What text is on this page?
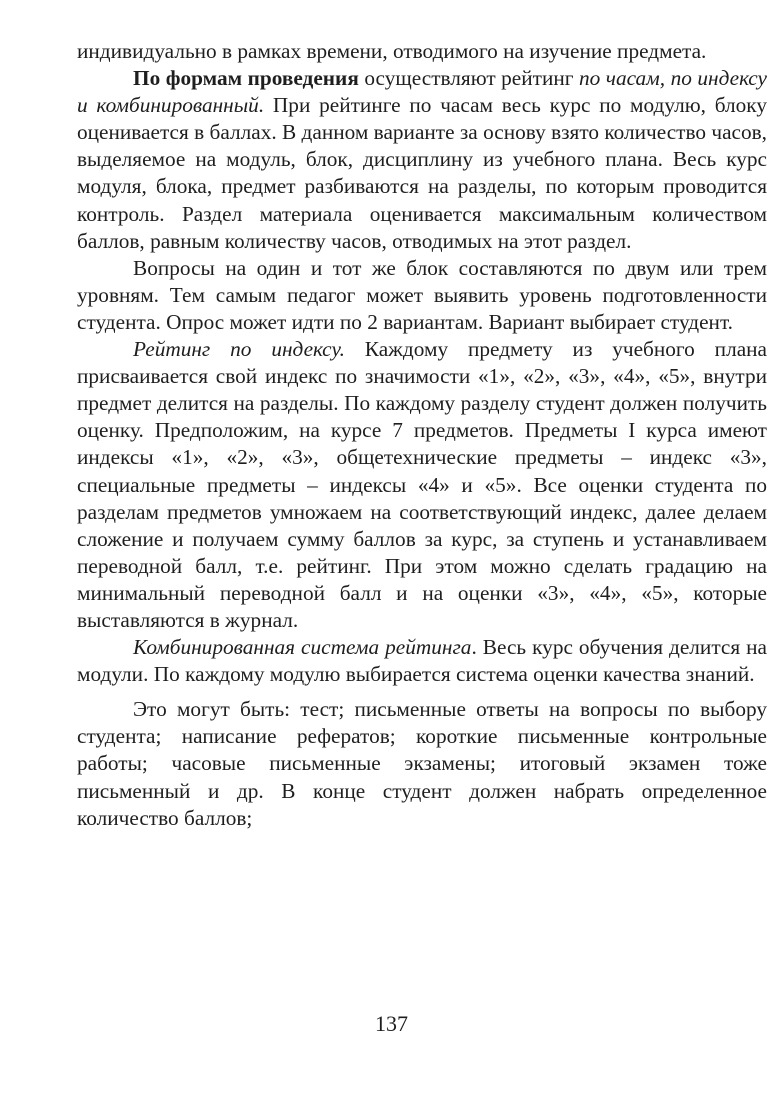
индивидуально в рамках времени, отводимого на изучение предмета.

По формам проведения осуществляют рейтинг по часам, по индексу и комбинированный. При рейтинге по часам весь курс по модулю, блоку оценивается в баллах. В данном варианте за основу взято количество часов, выделяемое на модуль, блок, дисциплину из учебного плана. Весь курс модуля, блока, предмет разбиваются на разделы, по которым проводится контроль. Раздел материала оценивается максимальным количеством баллов, равным количеству часов, отводимых на этот раздел.

Вопросы на один и тот же блок составляются по двум или трем уровням. Тем самым педагог может выявить уровень подготовленности студента. Опрос может идти по 2 вариантам. Вариант выбирает студент.

Рейтинг по индексу. Каждому предмету из учебного плана присваивается свой индекс по значимости «1», «2», «3», «4», «5», внутри предмет делится на разделы. По каждому разделу студент должен получить оценку. Предположим, на курсе 7 предметов. Предметы I курса имеют индексы «1», «2», «3», общетехнические предметы – индекс «3», специальные предметы – индексы «4» и «5». Все оценки студента по разделам предметов умножаем на соответствующий индекс, далее делаем сложение и получаем сумму баллов за курс, за ступень и устанавливаем переводной балл, т.е. рейтинг. При этом можно сделать градацию на минимальный переводной балл и на оценки «3», «4», «5», которые выставляются в журнал.

Комбинированная система рейтинга. Весь курс обучения делится на модули. По каждому модулю выбирается система оценки качества знаний.

Это могут быть: тест; письменные ответы на вопросы по выбору студента; написание рефератов; короткие письменные контрольные работы; часовые письменные экзамены; итоговый экзамен тоже письменный и др. В конце студент должен набрать определенное количество баллов;

137
